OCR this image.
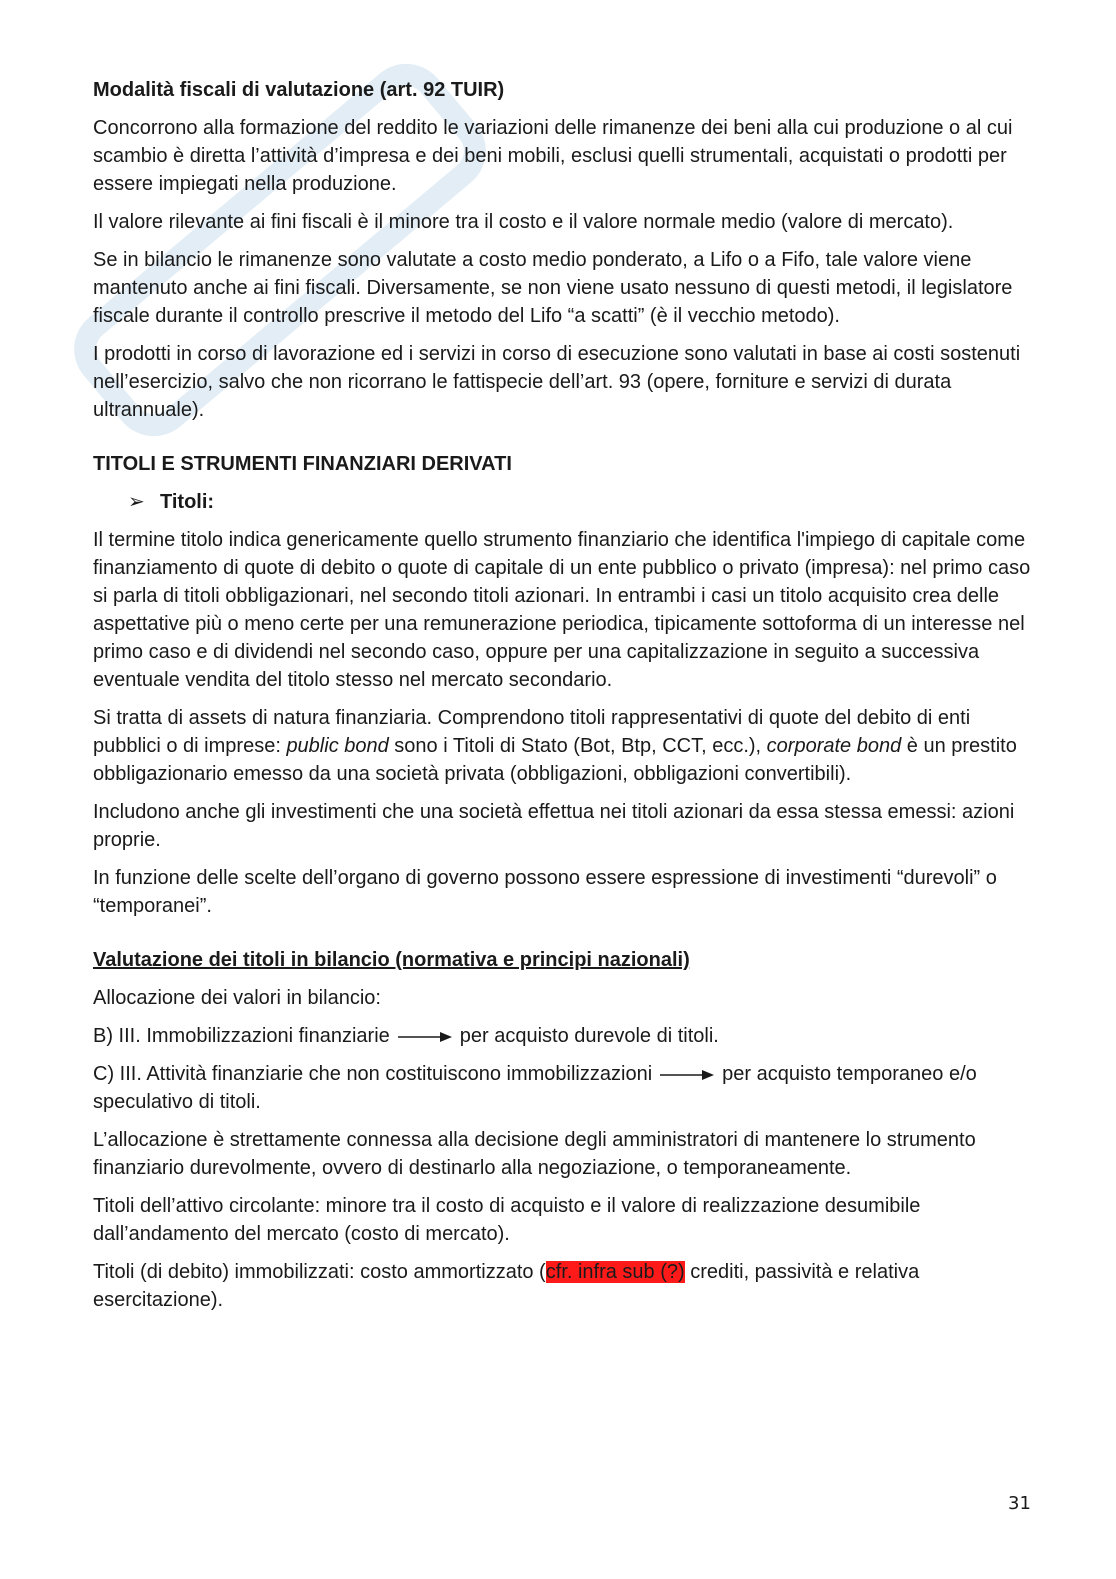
Modalità fiscali di valutazione (art. 92 TUIR)

Concorrono alla formazione del reddito le variazioni delle rimanenze dei beni alla cui produzione o al cui scambio è diretta l’attività d’impresa e dei beni mobili, esclusi quelli strumentali, acquistati o prodotti per essere impiegati nella produzione.

Il valore rilevante ai fini fiscali è il minore tra il costo e il valore normale medio (valore di mercato).

Se in bilancio le rimanenze sono valutate a costo medio ponderato, a Lifo o a Fifo, tale valore viene mantenuto anche ai fini fiscali. Diversamente, se non viene usato nessuno di questi metodi, il legislatore fiscale durante il controllo prescrive il metodo del Lifo “a scatti” (è il vecchio metodo).

I prodotti in corso di lavorazione ed i servizi in corso di esecuzione sono valutati in base ai costi sostenuti nell’esercizio, salvo che non ricorrano le fattispecie dell’art. 93 (opere, forniture e servizi di durata ultrannuale).

TITOLI E STRUMENTI FINANZIARI DERIVATI

➢ Titoli:

Il termine titolo indica genericamente quello strumento finanziario che identifica l'impiego di capitale come finanziamento di quote di debito o quote di capitale di un ente pubblico o privato (impresa): nel primo caso si parla di titoli obbligazionari, nel secondo titoli azionari. In entrambi i casi un titolo acquisito crea delle aspettative più o meno certe per una remunerazione periodica, tipicamente sottoforma di un interesse nel primo caso e di dividendi nel secondo caso, oppure per una capitalizzazione in seguito a successiva eventuale vendita del titolo stesso nel mercato secondario.

Si tratta di assets di natura finanziaria. Comprendono titoli rappresentativi di quote del debito di enti pubblici o di imprese: public bond sono i Titoli di Stato (Bot, Btp, CCT, ecc.), corporate bond è un prestito obbligazionario emesso da una società privata (obbligazioni, obbligazioni convertibili).

Includono anche gli investimenti che una società effettua nei titoli azionari da essa stessa emessi: azioni proprie.

In funzione delle scelte dell’organo di governo possono essere espressione di investimenti “durevoli” o “temporanei”.

Valutazione dei titoli in bilancio (normativa e principi nazionali)

Allocazione dei valori in bilancio:

B) III. Immobilizzazioni finanziarie	per acquisto durevole di titoli.

C) III. Attività finanziarie che non costituiscono immobilizzazioni	per acquisto temporaneo e/o speculativo di titoli.

L’allocazione è strettamente connessa alla decisione degli amministratori di mantenere lo strumento finanziario durevolmente, ovvero di destinarlo alla negoziazione, o temporaneamente.

Titoli dell’attivo circolante: minore tra il costo di acquisto e il valore di realizzazione desumibile dall’andamento del mercato (costo di mercato).

Titoli (di debito) immobilizzati: costo ammortizzato (cfr. infra sub (?) crediti, passività e relativa esercitazione).

31
